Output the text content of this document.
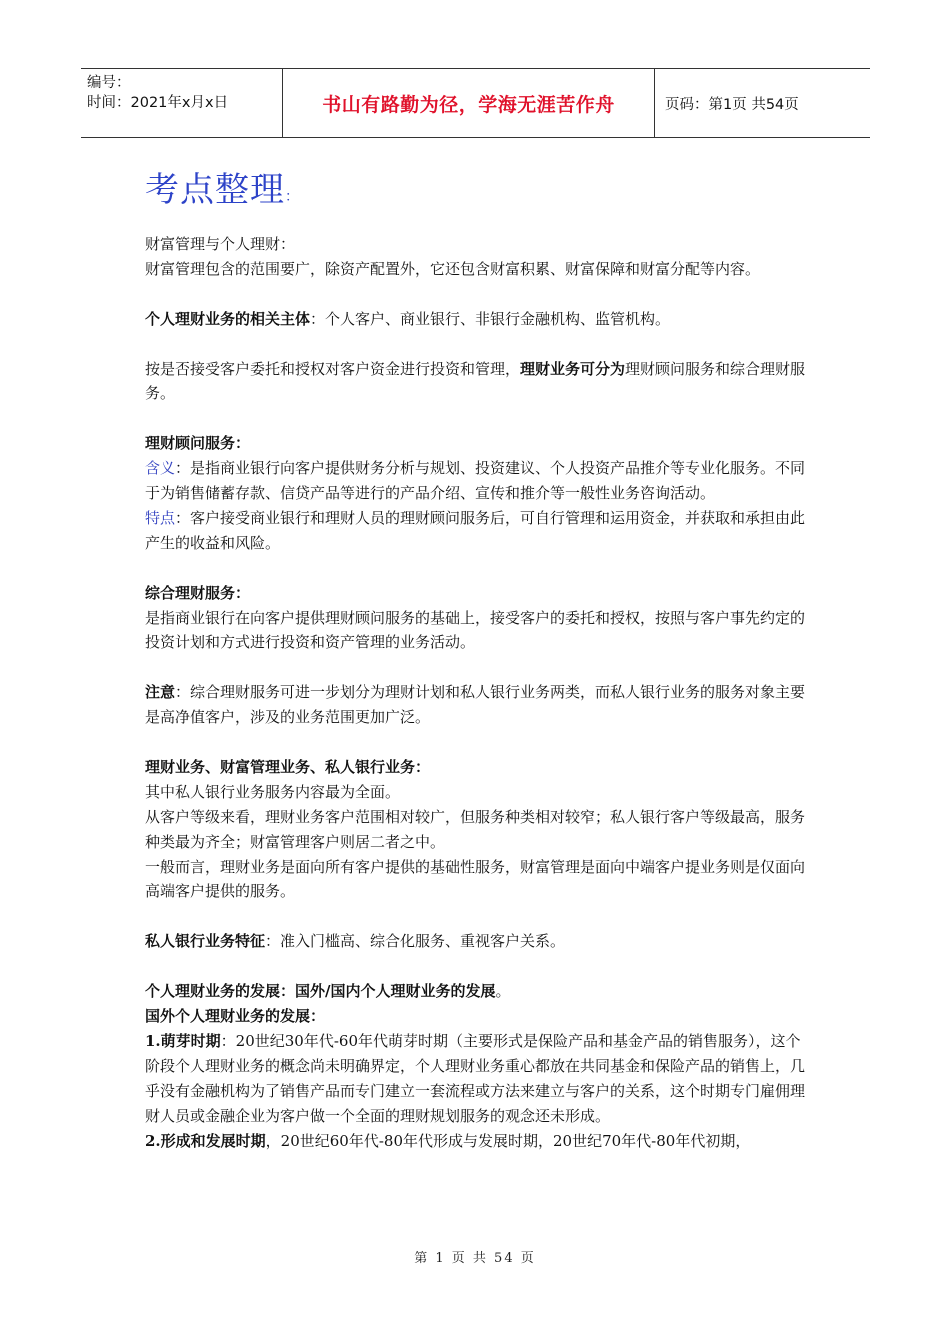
编号：
时间：2021年x月x日	书山有路勤为径，学海无涯苦作舟	页码：第1页 共54页
考点整理：

财富管理与个人理财：

财富管理包含的范围要广，除资产配置外，它还包含财富积累、财富保障和财富分配等内容。

个人理财业务的相关主体：个人客户、商业银行、非银行金融机构、监管机构。

按是否接受客户委托和授权对客户资金进行投资和管理，理财业务可分为理财顾问服务和综合理财服务。

理财顾问服务：

含义：是指商业银行向客户提供财务分析与规划、投资建议、个人投资产品推介等专业化服务。不同于为销售储蓄存款、信贷产品等进行的产品介绍、宣传和推介等一般性业务咨询活动。

特点：客户接受商业银行和理财人员的理财顾问服务后，可自行管理和运用资金，并获取和承担由此产生的收益和风险。

综合理财服务：

是指商业银行在向客户提供理财顾问服务的基础上，接受客户的委托和授权，按照与客户事先约定的投资计划和方式进行投资和资产管理的业务活动。

注意：综合理财服务可进一步划分为理财计划和私人银行业务两类，而私人银行业务的服务对象主要是高净值客户，涉及的业务范围更加广泛。

理财业务、财富管理业务、私人银行业务：

其中私人银行业务服务内容最为全面。

从客户等级来看，理财业务客户范围相对较广，但服务种类相对较窄；私人银行客户等级最高，服务种类最为齐全；财富管理客户则居二者之中。

一般而言，理财业务是面向所有客户提供的基础性服务，财富管理是面向中端客户提业务则是仅面向高端客户提供的服务。

私人银行业务特征：准入门槛高、综合化服务、重视客户关系。

个人理财业务的发展：国外/国内个人理财业务的发展。

国外个人理财业务的发展：

1.萌芽时期：20世纪30年代-60年代萌芽时期（主要形式是保险产品和基金产品的销售服务），这个阶段个人理财业务的概念尚未明确界定，个人理财业务重心都放在共同基金和保险产品的销售上，几乎没有金融机构为了销售产品而专门建立一套流程或方法来建立与客户的关系，这个时期专门雇佣理财人员或金融企业为客户做一个全面的理财规划服务的观念还未形成。

2.形成和发展时期，20世纪60年代-80年代形成与发展时期，20世纪70年代-80年代初期，

第 1 页 共 54 页
